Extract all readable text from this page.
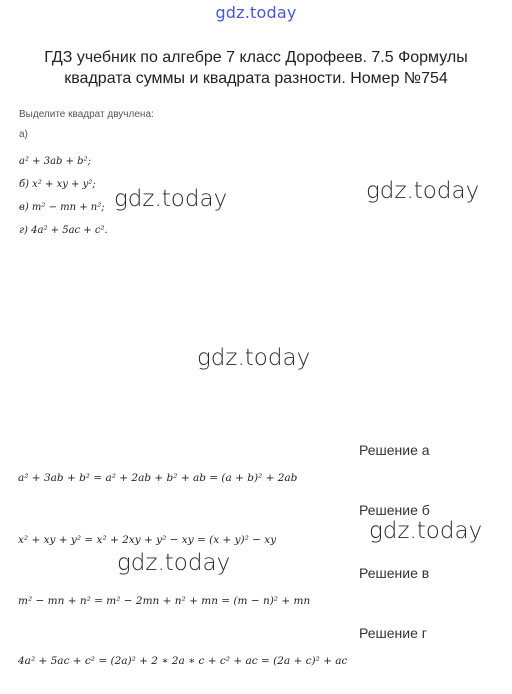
gdz.today
ГДЗ учебник по алгебре 7 класс Дорофеев. 7.5 Формулы квадрата суммы и квадрата разности. Номер №754
Выделите квадрат двучлена:
а)
a² + 3ab + b²;
б) x² + xy + y²;
в) m² − mn + n²;
г) 4a² + 5ac + c².
gdz.today	gdz.today
gdz.today
Решение а
a² + 3ab + b² = a² + 2ab + b² + ab = (a + b)² + 2ab
Решение б
gdz.today
x² + xy + y² = x² + 2xy + y² − xy = (x + y)² − xy
gdz.today	Решение в
m² − mn + n² = m² − 2mn + n² + mn = (m − n)² + mn
Решение г
4a² + 5ac + c² = (2a)² + 2 ∗ 2a ∗ c + c² + ac = (2a + c)² + ac
